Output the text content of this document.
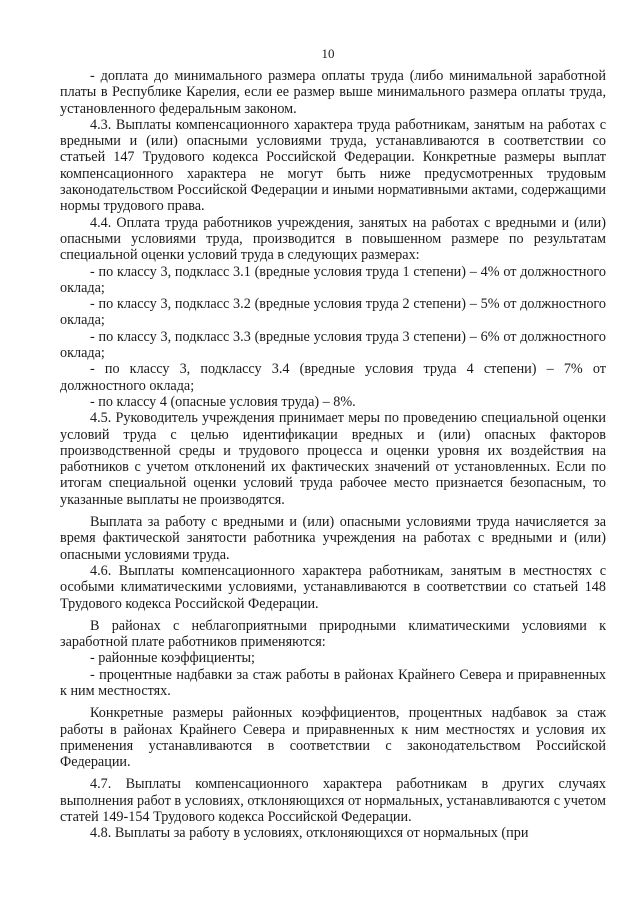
10

- доплата до минимального размера оплаты труда (либо минимальной заработной платы в Республике Карелия, если ее размер выше минимального размера оплаты труда, установленного федеральным законом.

4.3. Выплаты компенсационного характера труда работникам, занятым на работах с вредными и (или) опасными условиями труда, устанавливаются в соответствии со статьей 147 Трудового кодекса Российской Федерации. Конкретные размеры выплат компенсационного характера не могут быть ниже предусмотренных трудовым законодательством Российской Федерации и иными нормативными актами, содержащими нормы трудового права.

4.4. Оплата труда работников учреждения, занятых на работах с вредными и (или) опасными условиями труда, производится в повышенном размере по результатам специальной оценки условий труда в следующих размерах:

- по классу 3, подкласс 3.1 (вредные условия труда 1 степени) – 4% от должностного оклада;

- по классу 3, подкласс 3.2 (вредные условия труда 2 степени) – 5% от должностного оклада;

- по классу 3, подкласс 3.3 (вредные условия труда 3 степени) – 6% от должностного оклада;

- по классу 3, подклассу 3.4 (вредные условия труда 4 степени) – 7% от должностного оклада;

- по классу 4 (опасные условия труда) – 8%.

4.5. Руководитель учреждения принимает меры по проведению специальной оценки условий труда с целью идентификации вредных и (или) опасных факторов производственной среды и трудового процесса и оценки уровня их воздействия на работников с учетом отклонений их фактических значений от установленных. Если по итогам специальной оценки условий труда рабочее место признается безопасным, то указанные выплаты не производятся.

Выплата за работу с вредными и (или) опасными условиями труда начисляется за время фактической занятости работника учреждения на работах с вредными и (или) опасными условиями труда.

4.6. Выплаты компенсационного характера работникам, занятым в местностях с особыми климатическими условиями, устанавливаются в соответствии со статьей 148 Трудового кодекса Российской Федерации.

В районах с неблагоприятными природными климатическими условиями к заработной плате работников применяются:

- районные коэффициенты;

- процентные надбавки за стаж работы в районах Крайнего Севера и приравненных к ним местностях.

Конкретные размеры районных коэффициентов, процентных надбавок за стаж работы в районах Крайнего Севера и приравненных к ним местностях и условия их применения устанавливаются в соответствии с законодательством Российской Федерации.

4.7. Выплаты компенсационного характера работникам в других случаях выполнения работ в условиях, отклоняющихся от нормальных, устанавливаются с учетом статей 149-154 Трудового кодекса Российской Федерации.

4.8. Выплаты за работу в условиях, отклоняющихся от нормальных (при
